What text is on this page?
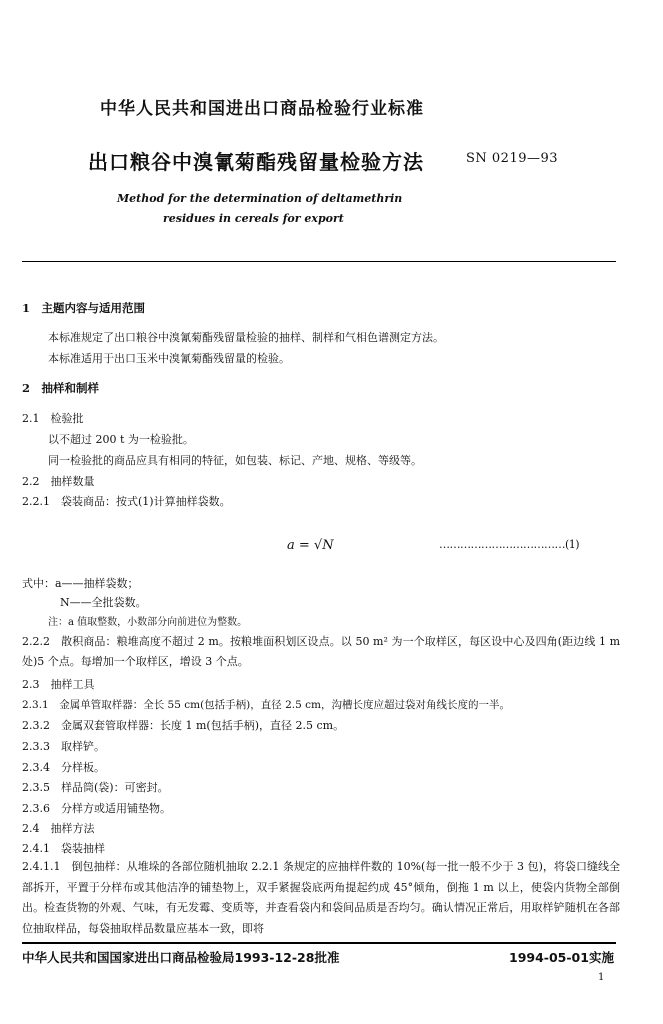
中华人民共和国进出口商品检验行业标准
出口粮谷中溴氰菊酯残留量检验方法	SN 0219—93
Method for the determination of deltamethrin
residues in cereals for export
1　主题内容与适用范围
本标准规定了出口粮谷中溴氰菊酯残留量检验的抽样、制样和气相色谱测定方法。
本标准适用于出口玉米中溴氰菊酯残留量的检验。
2　抽样和制样
2.1　检验批
以不超过 200 t 为一检验批。
同一检验批的商品应具有相同的特征，如包装、标记、产地、规格、等级等。
2.2　抽样数量
2.2.1　袋装商品：按式(1)计算抽样袋数。
a = √N	………………………………(1)
式中：a——抽样袋数；
N——全批袋数。
注：a 值取整数，小数部分向前进位为整数。
2.2.2　散积商品：粮堆高度不超过 2 m。按粮堆面积划区设点。以 50 m² 为一个取样区，每区设中心及四角(距边线 1 m 处)5 个点。每增加一个取样区，增设 3 个点。
2.3　抽样工具
2.3.1　金属单管取样器：全长 55 cm(包括手柄)，直径 2.5 cm，沟槽长度应超过袋对角线长度的一半。
2.3.2　金属双套管取样器：长度 1 m(包括手柄)，直径 2.5 cm。
2.3.3　取样铲。
2.3.4　分样板。
2.3.5　样品筒(袋)：可密封。
2.3.6　分样方或适用铺垫物。
2.4　抽样方法
2.4.1　袋装抽样
2.4.1.1　倒包抽样：从堆垛的各部位随机抽取 2.2.1 条规定的应抽样件数的 10%(每一批一般不少于 3 包)，将袋口缝线全部拆开，平置于分样布或其他洁净的铺垫物上，双手紧握袋底两角提起约成 45°倾角，倒拖 1 m 以上，使袋内货物全部倒出。检查货物的外观、气味，有无发霉、变质等，并查看袋内和袋间品质是否均匀。确认情况正常后，用取样铲随机在各部位抽取样品，每袋抽取样品数量应基本一致，即将
中华人民共和国国家进出口商品检验局1993-12-28批准	1994-05-01实施
1
